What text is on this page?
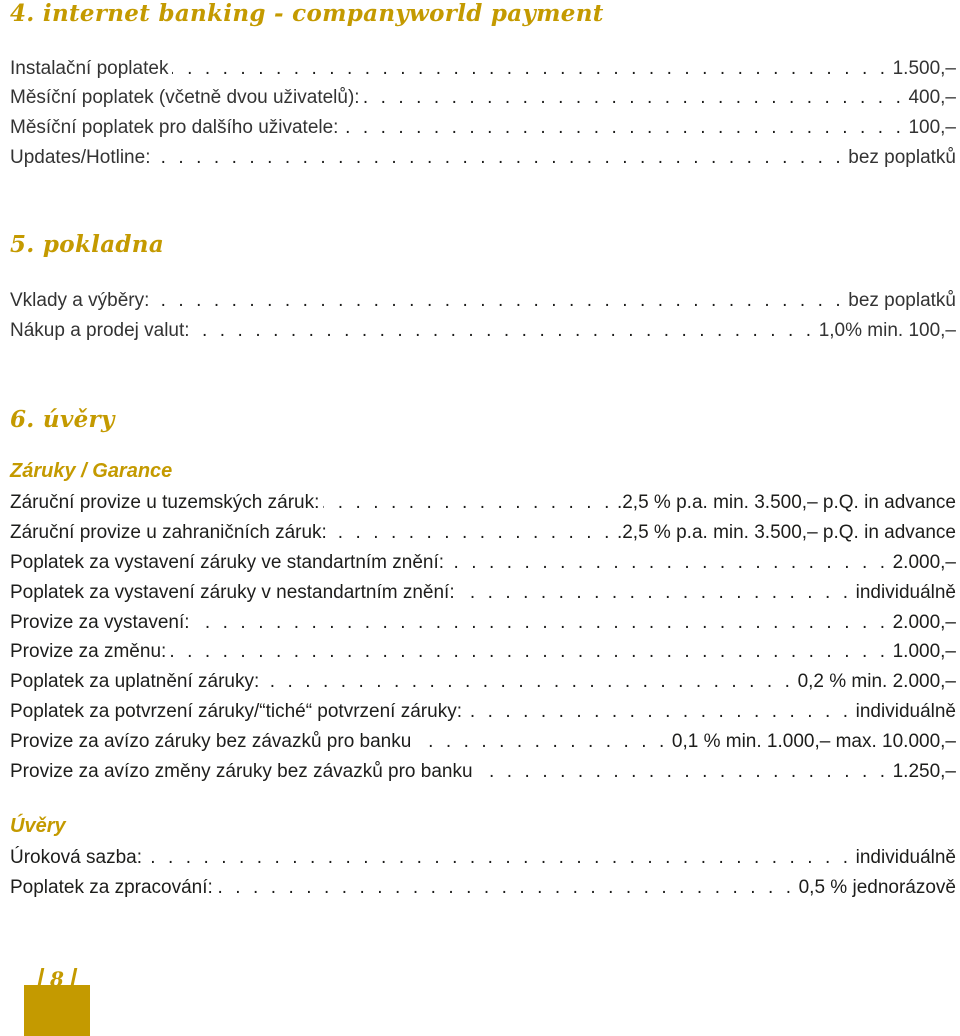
4. internet banking - companyworld payment
Instalační poplatek . . .	1.500,–
Měsíční poplatek (včetně dvou uživatelů): . . .	400,–
Měsíční poplatek pro dalšího uživatele: . . .	100,–
Updates/Hotline: . . .	bez poplatků
5. pokladna
Vklady a výběry: . . .	bez poplatků
Nákup a prodej valut: . . .	1,0% min. 100,–
6. úvěry
Záruky / Garance
Záruční provize u tuzemských záruk: . . .	.2,5 % p.a. min. 3.500,– p.Q. in advance
Záruční provize u zahraničních záruk: . . .	.2,5 % p.a. min. 3.500,– p.Q. in advance
Poplatek za vystavení záruky ve standartním znění: . . .	2.000,–
Poplatek za vystavení záruky v nestandartním znění: . . .	individuálně
Provize za vystavení: . . .	2.000,–
Provize za změnu: . . .	1.000,–
Poplatek za uplatnění záruky: . . .	0,2 % min. 2.000,–
Poplatek za potvrzení záruky/“tiché“ potvrzení záruky: . . .	individuálně
Provize za avízo záruky bez závazků pro banku . . .	0,1 % min. 1.000,– max. 10.000,–
Provize za avízo změny záruky bez závazků pro banku . . .	1.250,–
Úvěry
Úroková sazba: . . .	individuálně
Poplatek za zpracování: . . .	0,5 % jednorázově
8
